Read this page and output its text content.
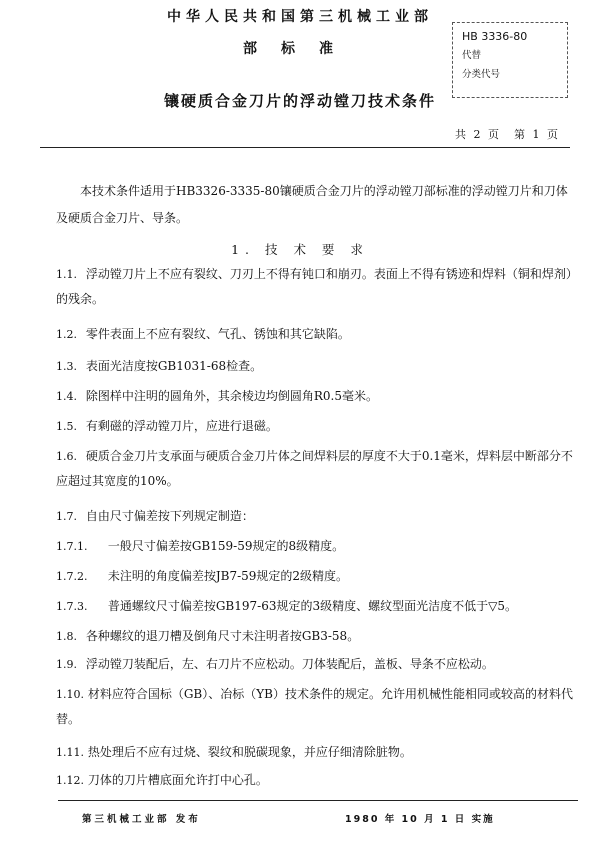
中华人民共和国第三机械工业部
部标准
HB 3336-80
代替
分类代号
镶硬质合金刀片的浮动镗刀技术条件
共 2 页　第 1 页
本技术条件适用于HB3326-3335-80镶硬质合金刀片的浮动镗刀部标准的浮动镗刀片和刀体及硬质合金刀片、导条。
1. 技 术 要 求
1.1. 浮动镗刀片上不应有裂纹、刀刃上不得有钝口和崩刃。表面上不得有锈迹和焊料（铜和焊剂）的残余。
1.2. 零件表面上不应有裂纹、气孔、锈蚀和其它缺陷。
1.3. 表面光洁度按GB1031-68检查。
1.4. 除图样中注明的圆角外，其余棱边均倒圆角R0.5毫米。
1.5. 有剩磁的浮动镗刀片，应进行退磁。
1.6. 硬质合金刀片支承面与硬质合金刀片体之间焊料层的厚度不大于0.1毫米，焊料层中断部分不应超过其宽度的10%。
1.7. 自由尺寸偏差按下列规定制造：
1.7.1. 一般尺寸偏差按GB159-59规定的8级精度。
1.7.2. 未注明的角度偏差按JB7-59规定的2级精度。
1.7.3. 普通螺纹尺寸偏差按GB197-63规定的3级精度、螺纹型面光洁度不低于▽5。
1.8. 各种螺纹的退刀槽及倒角尺寸未注明者按GB3-58。
1.9. 浮动镗刀装配后，左、右刀片不应松动。刀体装配后，盖板、导条不应松动。
1.10. 材料应符合国标（GB）、冶标（YB）技术条件的规定。允许用机械性能相同或较高的材料代替。
1.11. 热处理后不应有过烧、裂纹和脱碳现象，并应仔细清除脏物。
1.12. 刀体的刀片槽底面允许打中心孔。
第三机械工业部 发布	1980 年 10 月 1 日 实施
